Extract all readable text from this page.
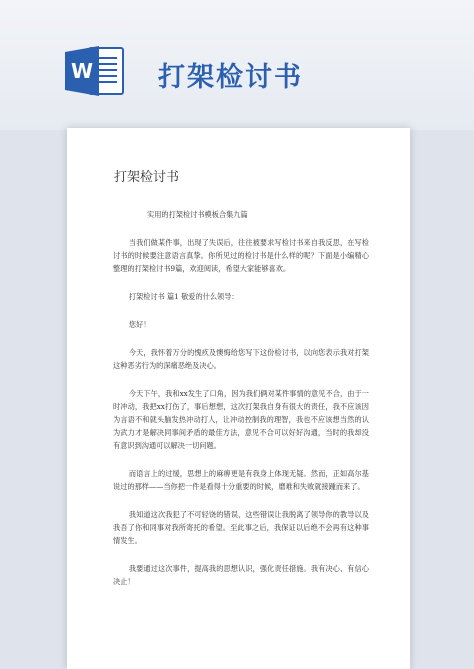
W 打架检讨书
打架检讨书

实用的打架检讨书模板合集九篇

当我们做某件事，出现了失误后，往往被要求写检讨书来自我反思，在写检讨书的时候要注意语言真挚。你所见过的检讨书是什么样的呢？下面是小编精心整理的打架检讨书9篇，欢迎阅读，希望大家能够喜欢。

打架检讨书 篇1 敬爱的什么领导：

您好！

今天，我怀着万分的愧疚及懊悔给您写下这份检讨书，以向您表示我对打架这种恶劣行为的深痛恶绝及决心。

今天下午，我和xx发生了口角，因为我们俩对某件事情的意见不合，由于一时冲动，我把xx打伤了，事后想想，这次打架我自身有很大的责任，我不应该因为言语不和就头脑发热冲动打人，让冲动控制我的理智，我也不应该想当然的认为武力才是解决同事间矛盾的最佳方法，意见不合可以好好沟通，当时的我却没有意识到沟通可以解决一切问题。

而语言上的过缓，思想上的麻痹更是有我身上体现无疑。然而，正如高尔基说过的那样——当你把一件是看得十分重要的时候，磨难和失败就接踵而来了。

我知道这次我犯了不可轻饶的错误，这些错误让我脱离了领导你的教导以及我吾了你和同事对我所寄托的希望。至此事之后，我保证以后绝不会再有这种事情发生。

我要通过这次事件，提高我的思想认识，强化责任措施。我有决心、有信心决止！
